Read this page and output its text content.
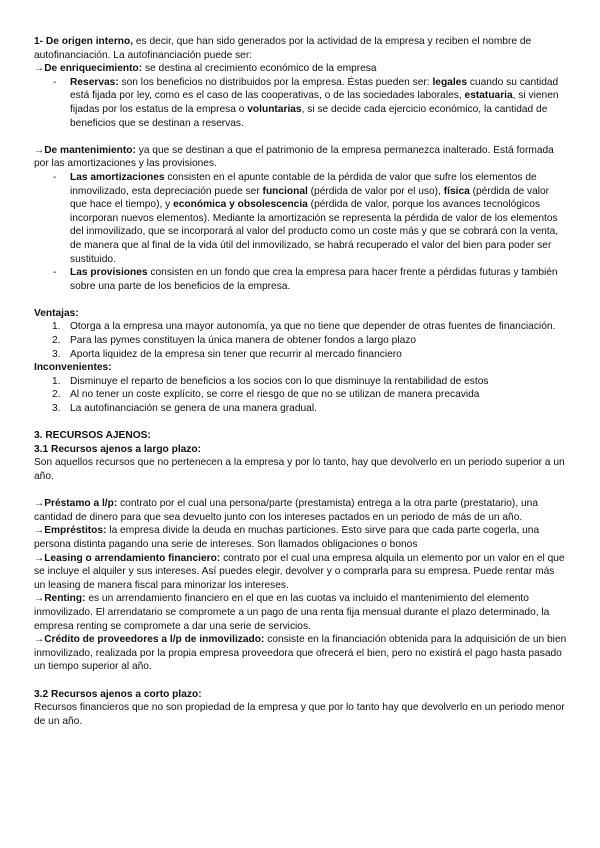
1- De origen interno, es decir, que han sido generados por la actividad de la empresa y reciben el nombre de autofinanciación. La autofinanciación puede ser:

→De enriquecimiento: se destina al crecimiento económico de la empresa

- Reservas: son los beneficios no distribuidos por la empresa. Éstas pueden ser: legales cuando su cantidad está fijada por ley, como es el caso de las cooperativas, o de las sociedades laborales, estatuaria, si vienen fijadas por los estatus de la empresa o voluntarias, si se decide cada ejercicio económico, la cantidad de beneficios que se destinan a reservas.

→De mantenimiento: ya que se destinan a que el patrimonio de la empresa permanezca inalterado. Está formada por las amortizaciones y las provisiones.

- Las amortizaciones consisten en el apunte contable de la pérdida de valor que sufre los elementos de inmovilizado, esta depreciación puede ser funcional (pérdida de valor por el uso), física (pérdida de valor que hace el tiempo), y económica y obsolescencia (pérdida de valor, porque los avances tecnológicos incorporan nuevos elementos). Mediante la amortización se representa la pérdida de valor de los elementos del inmovilizado, que se incorporará al valor del producto como un coste más y que se cobrará con la venta, de manera que al final de la vida útil del inmovilizado, se habrá recuperado el valor del bien para poder ser sustituido.
- Las provisiones consisten en un fondo que crea la empresa para hacer frente a pérdidas futuras y también sobre una parte de los beneficios de la empresa.

Ventajas:

1. Otorga a la empresa una mayor autonomía, ya que no tiene que depender de otras fuentes de financiación.
2. Para las pymes constituyen la única manera de obtener fondos a largo plazo
3. Aporta liquidez de la empresa sin tener que recurrir al mercado financiero

Inconvenientes:

1. Disminuye el reparto de beneficios a los socios con lo que disminuye la rentabilidad de estos
2. Al no tener un coste explícito, se corre el riesgo de que no se utilizan de manera precavida
3. La autofinanciación se genera de una manera gradual.

3. RECURSOS AJENOS:

3.1 Recursos ajenos a largo plazo:

Son aquellos recursos que no pertenecen a la empresa y por lo tanto, hay que devolverlo en un periodo superior a un año.

→Préstamo a l/p: contrato por el cual una persona/parte (prestamista) entrega a la otra parte (prestatario), una cantidad de dinero para que sea devuelto junto con los intereses pactados en un periodo de más de un año.

→Empréstitos: la empresa divide la deuda en muchas particiones. Esto sirve para que cada parte cogerla, una persona distinta pagando una serie de intereses. Son llamados obligaciones o bonos

→Leasing o arrendamiento financiero: contrato por el cual una empresa alquila un elemento por un valor en el que se incluye el alquiler y sus intereses. Así puedes elegir, devolver y o comprarla para su empresa. Puede rentar más un leasing de manera fiscal para minorizar los intereses.

→Renting: es un arrendamiento financiero en el que en las cuotas va incluido el mantenimiento del elemento inmovilizado. El arrendatario se compromete a un pago de una renta fija mensual durante el plazo determinado, la empresa renting se compromete a dar una serie de servicios.

→Crédito de proveedores a l/p de inmovilizado: consiste en la financiación obtenida para la adquisición de un bien inmovilizado, realizada por la propia empresa proveedora que ofrecerá el bien, pero no existirá el pago hasta pasado un tiempo superior al año.

3.2 Recursos ajenos a corto plazo:

Recursos financieros que no son propiedad de la empresa y que por lo tanto hay que devolverlo en un periodo menor de un año.
